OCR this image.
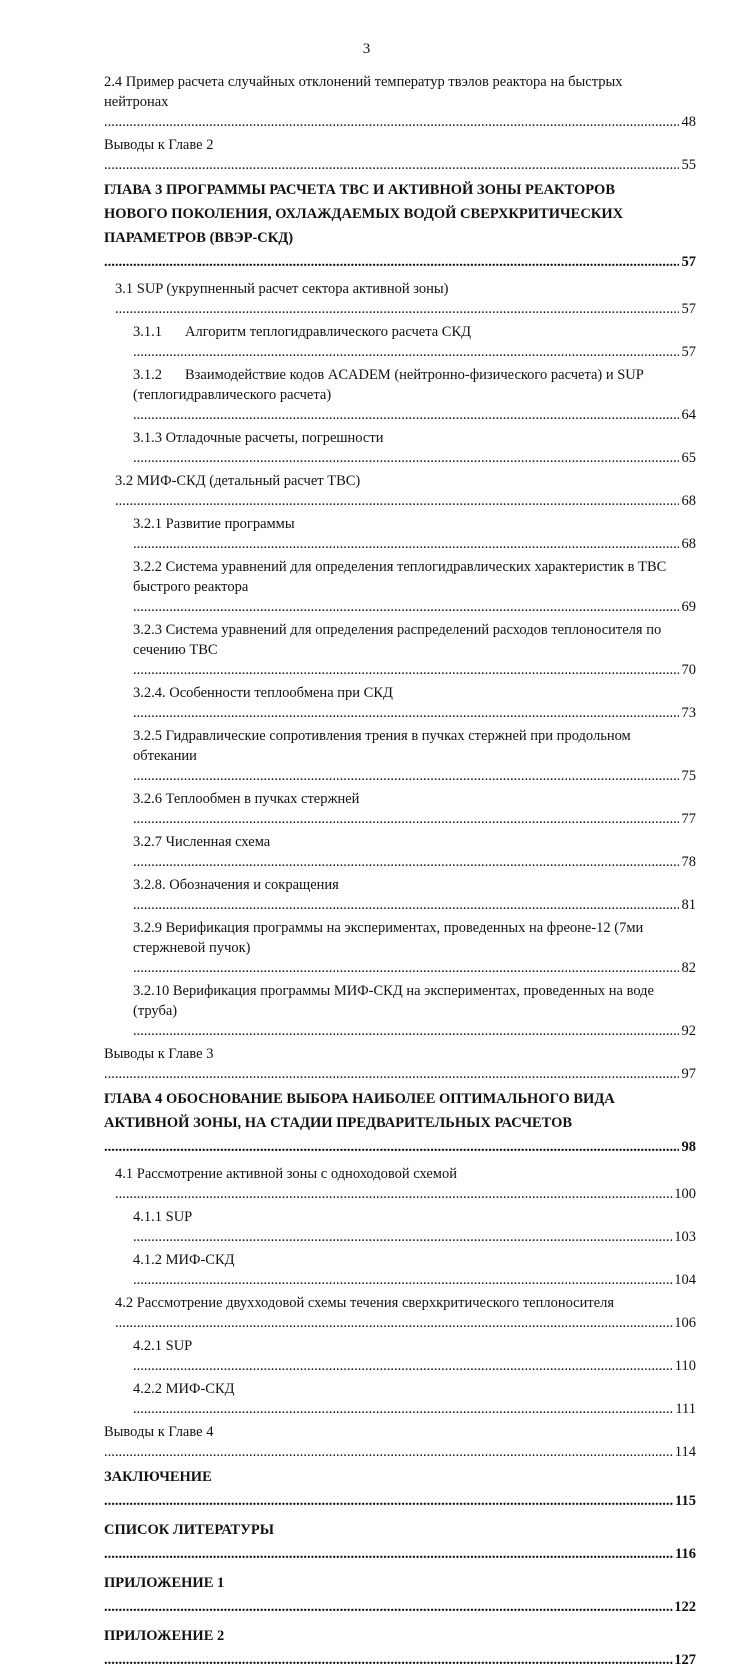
3
2.4 Пример расчета случайных отклонений температур твэлов реактора на быстрых нейтронах .....
48
Выводы к Главе 2 .....
55
ГЛАВА 3 ПРОГРАММЫ РАСЧЕТА ТВС И АКТИВНОЙ ЗОНЫ РЕАКТОРОВ НОВОГО ПОКОЛЕНИЯ, ОХЛАЖДАЕМЫХ ВОДОЙ СВЕРХКРИТИЧЕСКИХ ПАРАМЕТРОВ (ВВЭР-СКД) .....
57
3.1 SUP (укрупненный расчет сектора активной зоны) .....
57
3.1.1 Алгоритм теплогидравлического расчета СКД .....
57
3.1.2 Взаимодействие кодов ACADEM (нейтронно-физического расчета) и SUP (теплогидравлического расчета) .....
64
3.1.3 Отладочные расчеты, погрешности .....
65
3.2 МИФ-СКД (детальный расчет ТВС) .....
68
3.2.1 Развитие программы .....
68
3.2.2 Система уравнений для определения теплогидравлических характеристик в ТВС быстрого реактора .....
69
3.2.3 Система уравнений для определения распределений расходов теплоносителя по сечению ТВС .....
70
3.2.4. Особенности теплообмена при СКД .....
73
3.2.5 Гидравлические сопротивления трения в пучках стержней при продольном обтекании .....
75
3.2.6 Теплообмен в пучках стержней .....
77
3.2.7 Численная схема .....
78
3.2.8. Обозначения и сокращения .....
81
3.2.9 Верификация программы на экспериментах, проведенных на фреоне-12 (7ми стержневой пучок) .....
82
3.2.10 Верификация программы МИФ-СКД на экспериментах, проведенных на воде (труба) .....
92
Выводы к Главе 3 .....
97
ГЛАВА 4 ОБОСНОВАНИЕ ВЫБОРА НАИБОЛЕЕ ОПТИМАЛЬНОГО ВИДА АКТИВНОЙ ЗОНЫ, НА СТАДИИ ПРЕДВАРИТЕЛЬНЫХ РАСЧЕТОВ .....
98
4.1 Рассмотрение активной зоны с одноходовой схемой .....
100
4.1.1 SUP .....
103
4.1.2 МИФ-СКД .....
104
4.2 Рассмотрение двухходовой схемы течения сверхкритического теплоносителя .....
106
4.2.1 SUP .....
110
4.2.2 МИФ-СКД .....
111
Выводы к Главе 4 .....
114
ЗАКЛЮЧЕНИЕ .....
115
СПИСОК ЛИТЕРАТУРЫ .....
116
ПРИЛОЖЕНИЕ 1 .....
122
ПРИЛОЖЕНИЕ 2 .....
127
